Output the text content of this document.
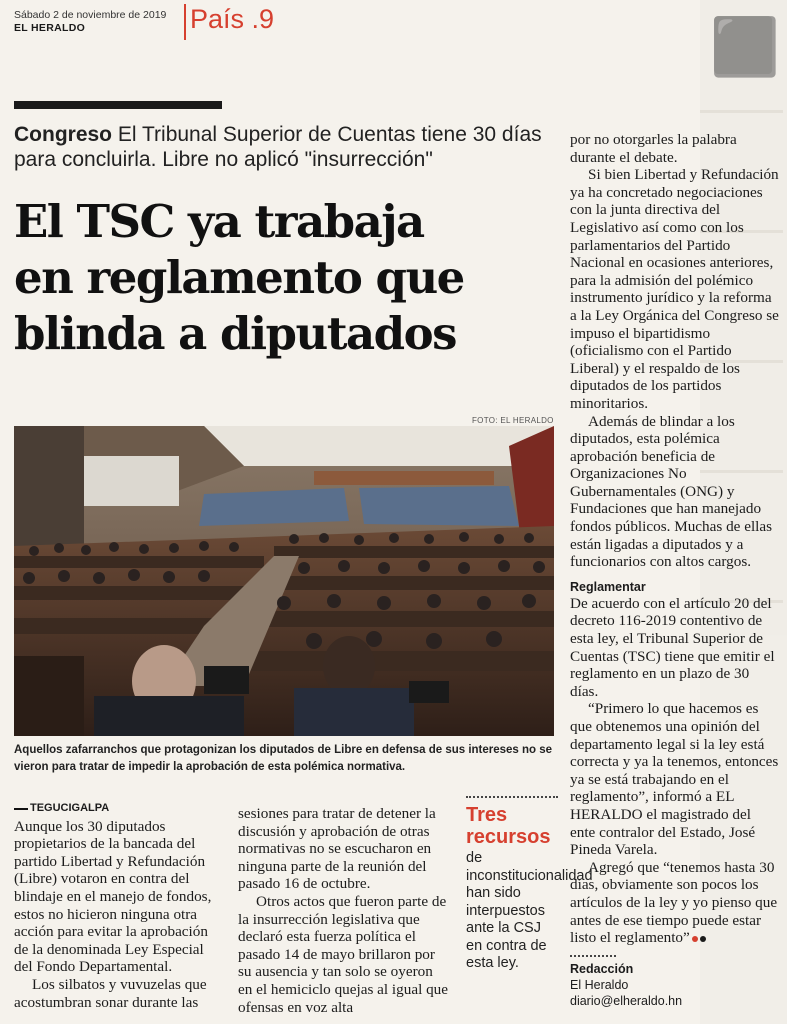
⬛
Sábado 2 de noviembre de 2019
EL HERALDO	País .9
Congreso El Tribunal Superior de Cuentas tiene 30 días para concluirla. Libre no aplicó "insurrección"
El TSC ya trabaja
en reglamento que
blinda a diputados
FOTO: EL HERALDO
Aquellos zafarranchos que protagonizan los diputados de Libre en defensa de sus intereses no se vieron para tratar de impedir la aprobación de esta polémica normativa.
TEGUCIGALPA

Aunque los 30 diputados propietarios de la bancada del partido Libertad y Refundación (Libre) votaron en contra del blindaje en el manejo de fondos, estos no hicieron ninguna otra acción para evitar la aprobación de la denominada Ley Especial del Fondo Departamental.

Los silbatos y vuvuzelas que acostumbran sonar durante las

sesiones para tratar de detener la discusión y aprobación de otras normativas no se escucharon en ninguna parte de la reunión del pasado 16 de octubre.

Otros actos que fueron parte de la insurrección legislativa que declaró esta fuerza política el pasado 14 de mayo brillaron por su ausencia y tan solo se oyeron en el hemiciclo quejas al igual que ofensas en voz alta

Tres
recursos
de inconstitucionalidad han sido interpuestos ante la CSJ en contra de esta ley.

por no otorgarles la palabra durante el debate.

Si bien Libertad y Refundación ya ha concretado negociaciones con la junta directiva del Legislativo así como con los parlamentarios del Partido Nacional en ocasiones anteriores, para la admisión del polémico instrumento jurídico y la reforma a la Ley Orgánica del Congreso se impuso el bipartidismo (oficialismo con el Partido Liberal) y el respaldo de los diputados de los partidos minoritarios.

Además de blindar a los diputados, esta polémica aprobación beneficia de Organizaciones No Gubernamentales (ONG) y Fundaciones que han manejado fondos públicos. Muchas de ellas están ligadas a diputados y a funcionarios con altos cargos.

Reglamentar

De acuerdo con el artículo 20 del decreto 116-2019 contentivo de esta ley, el Tribunal Superior de Cuentas (TSC) tiene que emitir el reglamento en un plazo de 30 días.

“Primero lo que hacemos es que obtenemos una opinión del departamento legal si la ley está correcta y ya la tenemos, entonces ya se está trabajando en el reglamento”, informó a EL HERALDO el magistrado del ente contralor del Estado, José Pineda Varela.

Agregó que “tenemos hasta 30 días, obviamente son pocos los artículos de la ley y yo pienso que antes de ese tiempo puede estar listo el reglamento”

Redacción
El Heraldo
diario@elheraldo.hn
